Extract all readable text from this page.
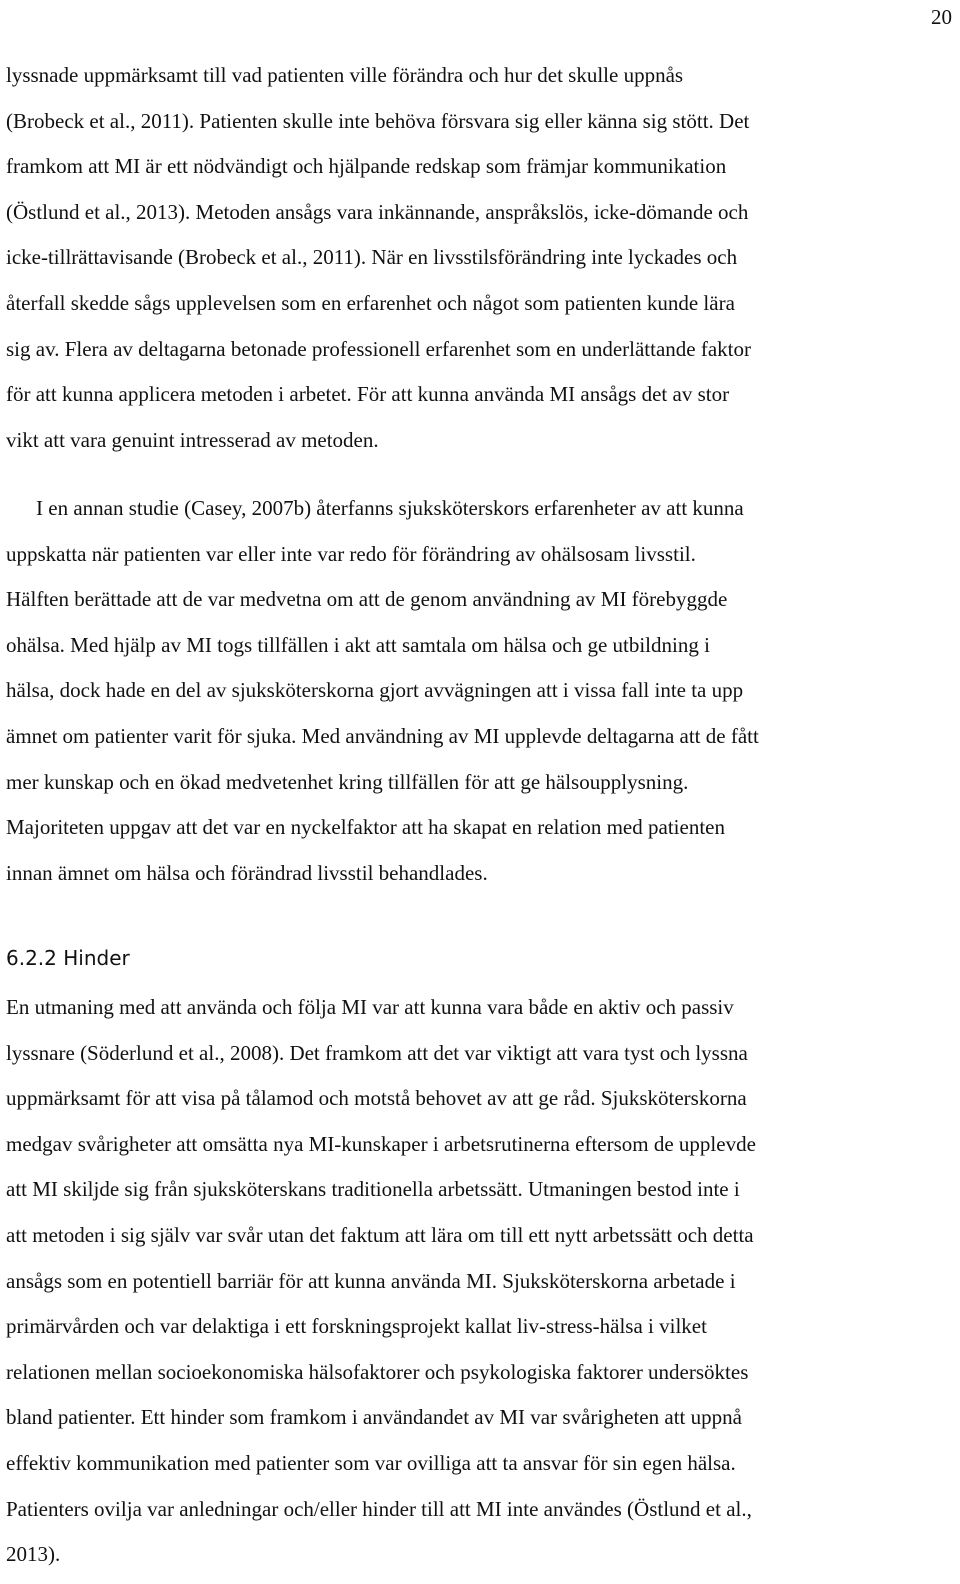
20

lyssnade uppmärksamt till vad patienten ville förändra och hur det skulle uppnås
(Brobeck et al., 2011). Patienten skulle inte behöva försvara sig eller känna sig stött. Det
framkom att MI är ett nödvändigt och hjälpande redskap som främjar kommunikation
(Östlund et al., 2013). Metoden ansågs vara inkännande, anspråkslös, icke-dömande och
icke-tillrättavisande (Brobeck et al., 2011). När en livsstilsförändring inte lyckades och
återfall skedde sågs upplevelsen som en erfarenhet och något som patienten kunde lära
sig av. Flera av deltagarna betonade professionell erfarenhet som en underlättande faktor
för att kunna applicera metoden i arbetet. För att kunna använda MI ansågs det av stor
vikt att vara genuint intresserad av metoden.

I en annan studie (Casey, 2007b) återfanns sjuksköterskors erfarenheter av att kunna
uppskatta när patienten var eller inte var redo för förändring av ohälsosam livsstil.
Hälften berättade att de var medvetna om att de genom användning av MI förebyggde
ohälsa. Med hjälp av MI togs tillfällen i akt att samtala om hälsa och ge utbildning i
hälsa, dock hade en del av sjuksköterskorna gjort avvägningen att i vissa fall inte ta upp
ämnet om patienter varit för sjuka. Med användning av MI upplevde deltagarna att de fått
mer kunskap och en ökad medvetenhet kring tillfällen för att ge hälsoupplysning.
Majoriteten uppgav att det var en nyckelfaktor att ha skapat en relation med patienten
innan ämnet om hälsa och förändrad livsstil behandlades.

6.2.2 Hinder

En utmaning med att använda och följa MI var att kunna vara både en aktiv och passiv
lyssnare (Söderlund et al., 2008). Det framkom att det var viktigt att vara tyst och lyssna
uppmärksamt för att visa på tålamod och motstå behovet av att ge råd. Sjuksköterskorna
medgav svårigheter att omsätta nya MI-kunskaper i arbetsrutinerna eftersom de upplevde
att MI skiljde sig från sjuksköterskans traditionella arbetssätt. Utmaningen bestod inte i
att metoden i sig själv var svår utan det faktum att lära om till ett nytt arbetssätt och detta
ansågs som en potentiell barriär för att kunna använda MI. Sjuksköterskorna arbetade i
primärvården och var delaktiga i ett forskningsprojekt kallat liv-stress-hälsa i vilket
relationen mellan socioekonomiska hälsofaktorer och psykologiska faktorer undersöktes
bland patienter. Ett hinder som framkom i användandet av MI var svårigheten att uppnå
effektiv kommunikation med patienter som var ovilliga att ta ansvar för sin egen hälsa.
Patienters ovilja var anledningar och/eller hinder till att MI inte användes (Östlund et al.,
2013).
